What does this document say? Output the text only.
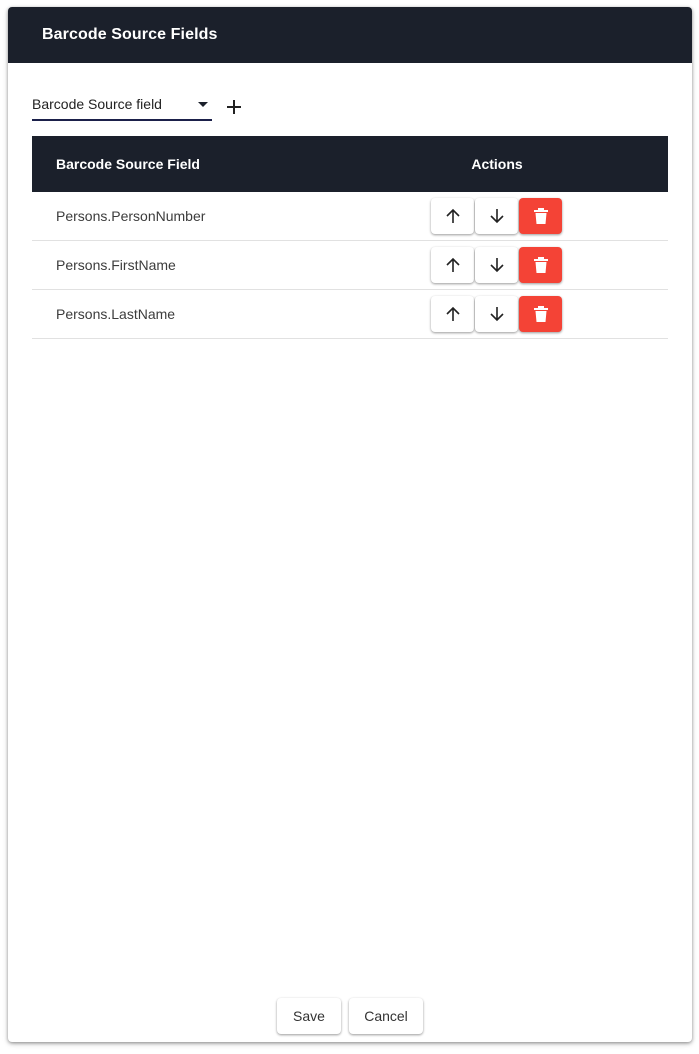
Barcode Source Fields
Barcode Source field
Barcode Source Field	Actions
Persons.PersonNumber
Persons.FirstName
Persons.LastName
Save	Cancel
